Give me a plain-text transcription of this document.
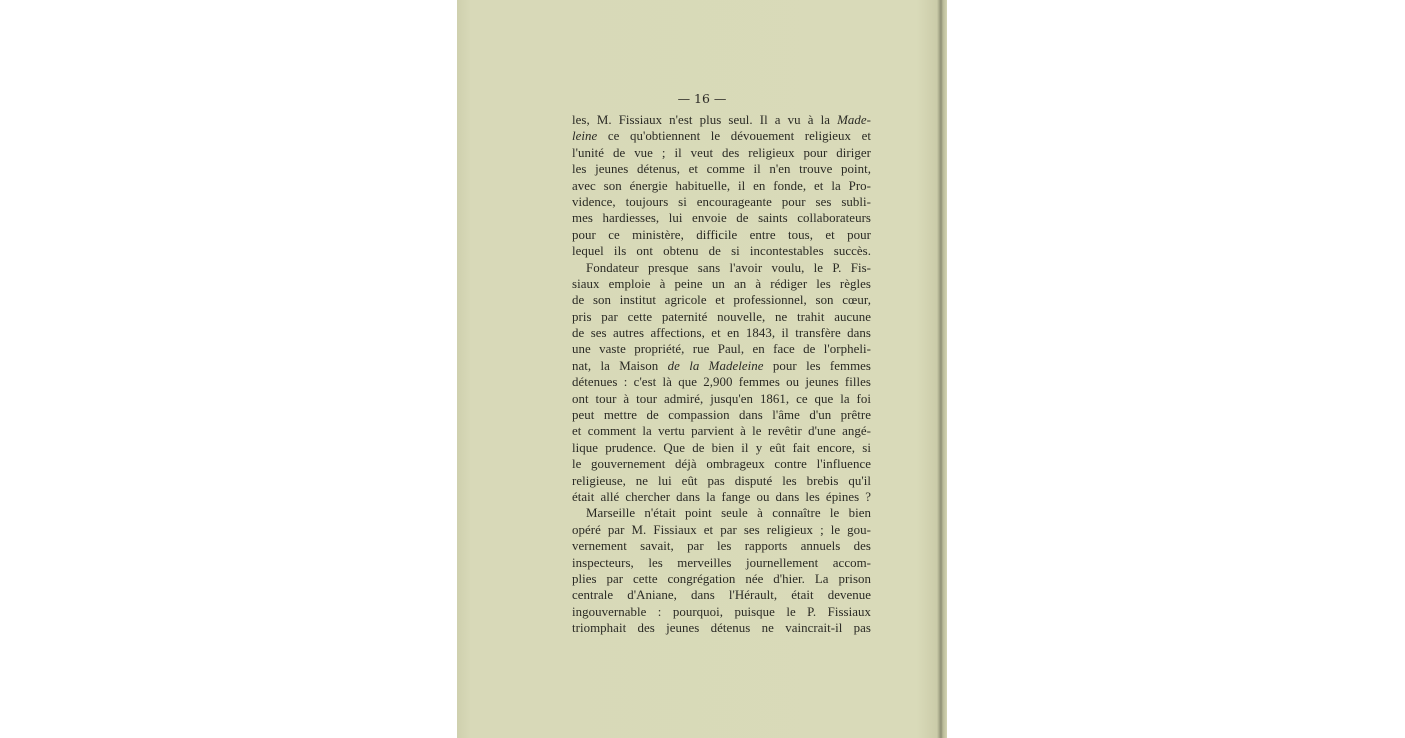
— 16 —
les, M. Fissiaux n'est plus seul. Il a vu à la Made-
leine ce qu'obtiennent le dévouement religieux et
l'unité de vue ; il veut des religieux pour diriger
les jeunes détenus, et comme il n'en trouve point,
avec son énergie habituelle, il en fonde, et la Pro-
vidence, toujours si encourageante pour ses subli-
mes hardiesses, lui envoie de saints collaborateurs
pour ce ministère, difficile entre tous, et pour
lequel ils ont obtenu de si incontestables succès.
Fondateur presque sans l'avoir voulu, le P. Fis-
siaux emploie à peine un an à rédiger les règles
de son institut agricole et professionnel, son cœur,
pris par cette paternité nouvelle, ne trahit aucune
de ses autres affections, et en 1843, il transfère dans
une vaste propriété, rue Paul, en face de l'orpheli-
nat, la Maison de la Madeleine pour les femmes
détenues : c'est là que 2,900 femmes ou jeunes filles
ont tour à tour admiré, jusqu'en 1861, ce que la foi
peut mettre de compassion dans l'âme d'un prêtre
et comment la vertu parvient à le revêtir d'une angé-
lique prudence. Que de bien il y eût fait encore, si
le gouvernement déjà ombrageux contre l'influence
religieuse, ne lui eût pas disputé les brebis qu'il
était allé chercher dans la fange ou dans les épines ?
Marseille n'était point seule à connaître le bien
opéré par M. Fissiaux et par ses religieux ; le gou-
vernement savait, par les rapports annuels des
inspecteurs, les merveilles journellement accom-
plies par cette congrégation née d'hier. La prison
centrale d'Aniane, dans l'Hérault, était devenue
ingouvernable : pourquoi, puisque le P. Fissiaux
triomphait des jeunes détenus ne vaincrait-il pas
